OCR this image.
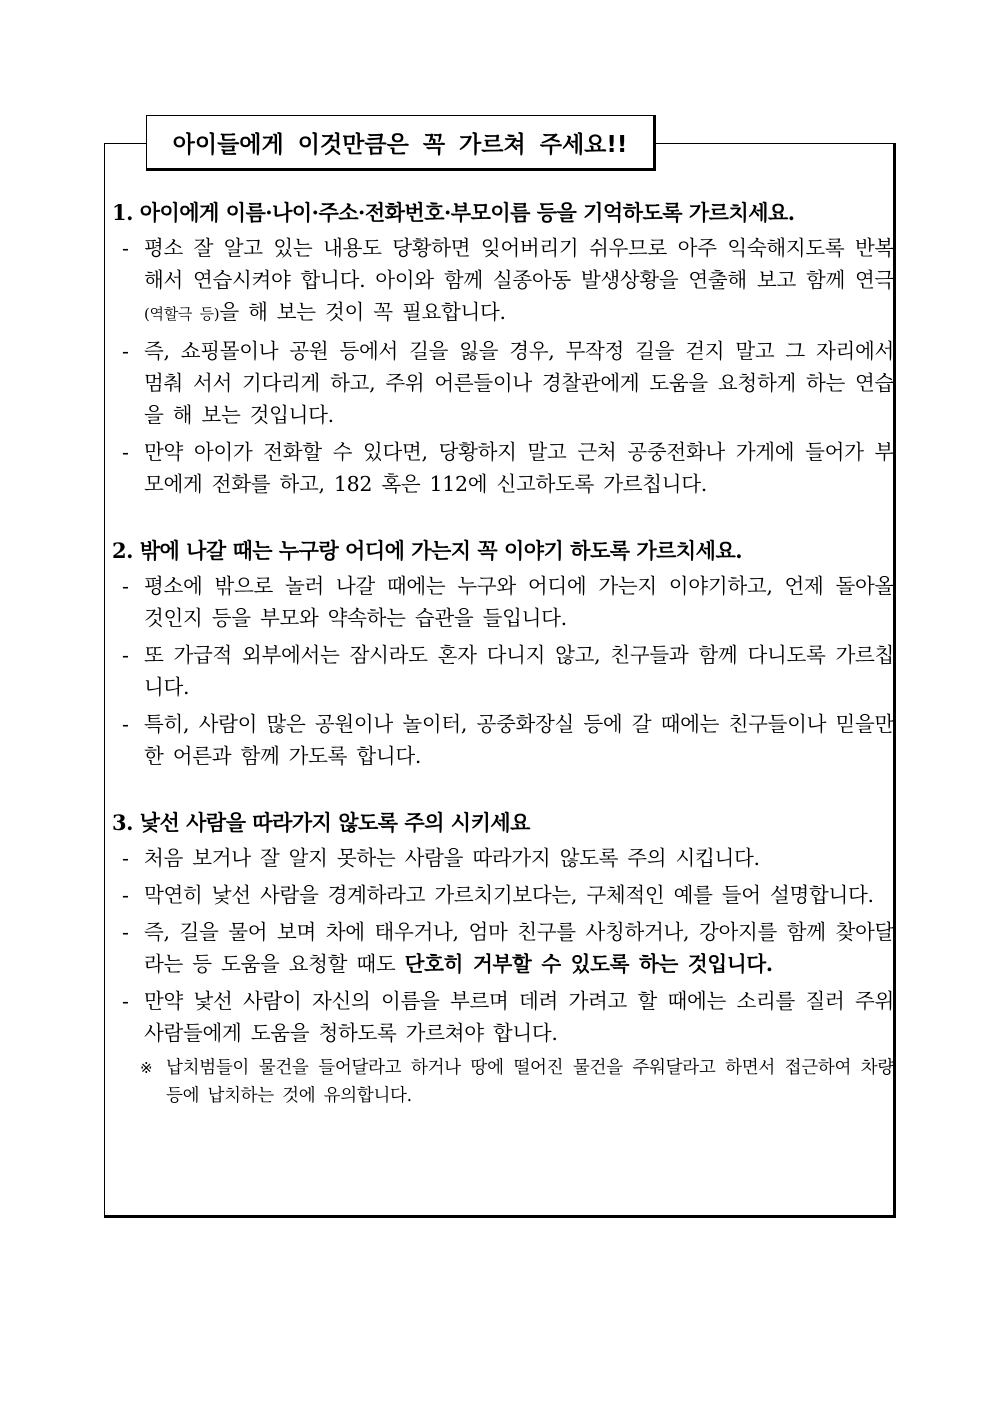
아이들에게 이것만큼은 꼭 가르쳐 주세요!!
1. 아이에게 이름·나이·주소·전화번호·부모이름 등을 기억하도록 가르치세요.
- 평소 잘 알고 있는 내용도 당황하면 잊어버리기 쉬우므로 아주 익숙해지도록 반복해서 연습시켜야 합니다. 아이와 함께 실종아동 발생상황을 연출해 보고 함께 연극(역할극 등)을 해 보는 것이 꼭 필요합니다.
- 즉, 쇼핑몰이나 공원 등에서 길을 잃을 경우, 무작정 길을 걷지 말고 그 자리에서 멈춰 서서 기다리게 하고, 주위 어른들이나 경찰관에게 도움을 요청하게 하는 연습을 해 보는 것입니다.
- 만약 아이가 전화할 수 있다면, 당황하지 말고 근처 공중전화나 가게에 들어가 부모에게 전화를 하고, 182 혹은 112에 신고하도록 가르칩니다.
2. 밖에 나갈 때는 누구랑 어디에 가는지 꼭 이야기 하도록 가르치세요.
- 평소에 밖으로 놀러 나갈 때에는 누구와 어디에 가는지 이야기하고, 언제 돌아올 것인지 등을 부모와 약속하는 습관을 들입니다.
- 또 가급적 외부에서는 잠시라도 혼자 다니지 않고, 친구들과 함께 다니도록 가르칩니다.
- 특히, 사람이 많은 공원이나 놀이터, 공중화장실 등에 갈 때에는 친구들이나 믿을만한 어른과 함께 가도록 합니다.
3. 낯선 사람을 따라가지 않도록 주의 시키세요
- 처음 보거나 잘 알지 못하는 사람을 따라가지 않도록 주의 시킵니다.
- 막연히 낯선 사람을 경계하라고 가르치기보다는, 구체적인 예를 들어 설명합니다.
- 즉, 길을 물어 보며 차에 태우거나, 엄마 친구를 사칭하거나, 강아지를 함께 찾아달라는 등 도움을 요청할 때도 단호히 거부할 수 있도록 하는 것입니다.
- 만약 낯선 사람이 자신의 이름을 부르며 데려 가려고 할 때에는 소리를 질러 주위 사람들에게 도움을 청하도록 가르쳐야 합니다.
※ 납치범들이 물건을 들어달라고 하거나 땅에 떨어진 물건을 주워달라고 하면서 접근하여 차량 등에 납치하는 것에 유의합니다.
